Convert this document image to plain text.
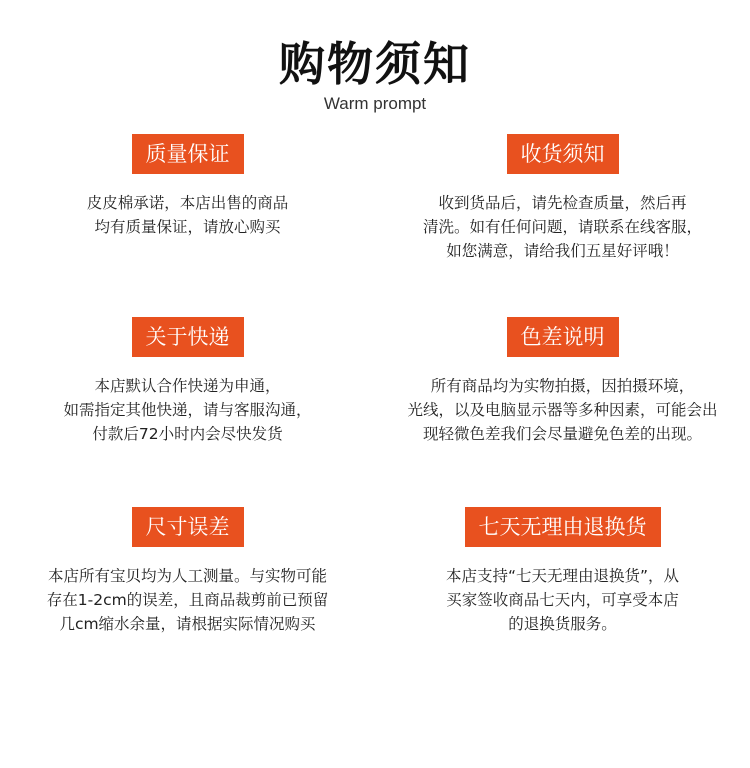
购物须知
Warm prompt
质量保证
皮皮棉承诺，本店出售的商品
均有质量保证，请放心购买
收货须知
收到货品后，请先检查质量，然后再
清洗。如有任何问题，请联系在线客服，
如您满意，请给我们五星好评哦！
关于快递
本店默认合作快递为申通，
如需指定其他快递，请与客服沟通，
付款后72小时内会尽快发货
色差说明
所有商品均为实物拍摄，因拍摄环境，
光线，以及电脑显示器等多种因素，可能会出
现轻微色差我们会尽量避免色差的出现。
尺寸误差
本店所有宝贝均为人工测量。与实物可能
存在1-2cm的误差，且商品裁剪前已预留
几cm缩水余量，请根据实际情况购买
七天无理由退换货
本店支持“七天无理由退换货”，从
买家签收商品七天内，可享受本店
的退换货服务。
